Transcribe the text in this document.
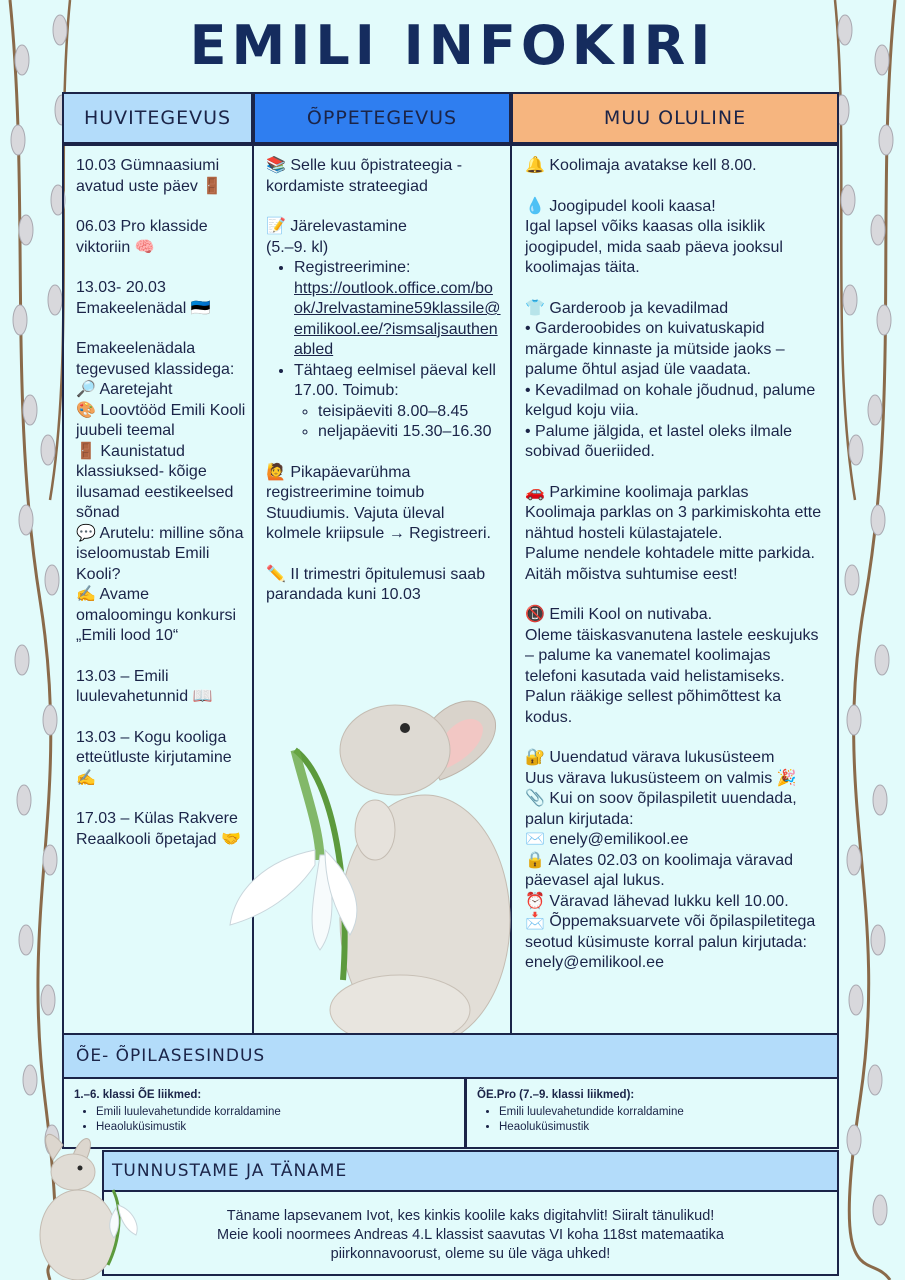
EMILI INFOKIRI
HUVITEGEVUS	ÕPPETEGEVUS	MUU OLULINE

10.03 Gümnaasiumi avatud uste päev 🚪

06.03 Pro klasside viktoriin 🧠

13.03- 20.03 Emakeelenädal 🇪🇪

Emakeelenädala tegevused klassidega:
🔎 Aaretejaht
🎨 Loovtööd Emili Kooli juubeli teemal
🚪 Kaunistatud klassiuksed- kõige ilusamad eestikeelsed sõnad
💬 Arutelu: milline sõna iseloomustab Emili Kooli?
✍️ Avame omaloomingu konkursi „Emili lood 10“

13.03 – Emili luulevahetunnid 📖

13.03 – Kogu kooliga etteütluste kirjutamine ✍️

17.03 – Külas Rakvere Reaalkooli õpetajad 🤝

📚 Selle kuu õpistrateegia - kordamiste strateegiad

📝 Järelevastamine
(5.–9. kl)

• Registreerimine:
https://outlook.office.com/book/Jrelvastamine59klassile@emilikool.ee/?ismsaljsauthenabled
• Tähtaeg eelmisel päeval kell 17.00. Toimub:
◦ teisipäeviti 8.00–8.45
◦ neljapäeviti 15.30–16.30

🙋 Pikapäevarühma registreerimine toimub Stuudiumis. Vajuta üleval kolmele kriipsule → Registreeri.

✏️ II trimestri õpitulemusi saab parandada kuni 10.03

🔔 Koolimaja avatakse kell 8.00.

💧 Joogipudel kooli kaasa!
Igal lapsel võiks kaasas olla isiklik joogipudel, mida saab päeva jooksul koolimajas täita.

👕 Garderoob ja kevadilmad
• Garderoobides on kuivatuskapid märgade kinnaste ja mütside jaoks – palume õhtul asjad üle vaadata.
• Kevadilmad on kohale jõudnud, palume kelgud koju viia.
• Palume jälgida, et lastel oleks ilmale sobivad õueriided.

🚗 Parkimine koolimaja parklas
Koolimaja parklas on 3 parkimiskohta ette nähtud hosteli külastajatele.
Palume nendele kohtadele mitte parkida. Aitäh mõistva suhtumise eest!

📵 Emili Kool on nutivaba.
Oleme täiskasvanutena lastele eeskujuks – palume ka vanematel koolimajas telefoni kasutada vaid helistamiseks.
Palun rääkige sellest põhimõttest ka kodus.

🔐 Uuendatud värava lukusüsteem
Uus värava lukusüsteem on valmis 🎉
📎 Kui on soov õpilaspiletit uuendada, palun kirjutada:
✉️ enely@emilikool.ee
🔒 Alates 02.03 on koolimaja väravad päevasel ajal lukus.
⏰ Väravad lähevad lukku kell 10.00.
📩 Õppemaksuarvete või õpilaspiletitega seotud küsimuste korral palun kirjutada:
enely@emilikool.ee

ÕE- ÕPILASESINDUS
1.–6. klassi ÕE liikmed:
• Emili luulevahetundide korraldamine
• Heaoluküsimustik
ÕE.Pro (7.–9. klassi liikmed):
• Emili luulevahetundide korraldamine
• Heaoluküsimustik
TUNNUSTAME JA TÄNAME
Täname lapsevanem Ivot, kes kinkis koolile kaks digitahvlit! Siiralt tänulikud!
Meie kooli noormees Andreas 4.L klassist saavutas VI koha 118st matemaatika
piirkonnavoorust, oleme su üle väga uhked!
